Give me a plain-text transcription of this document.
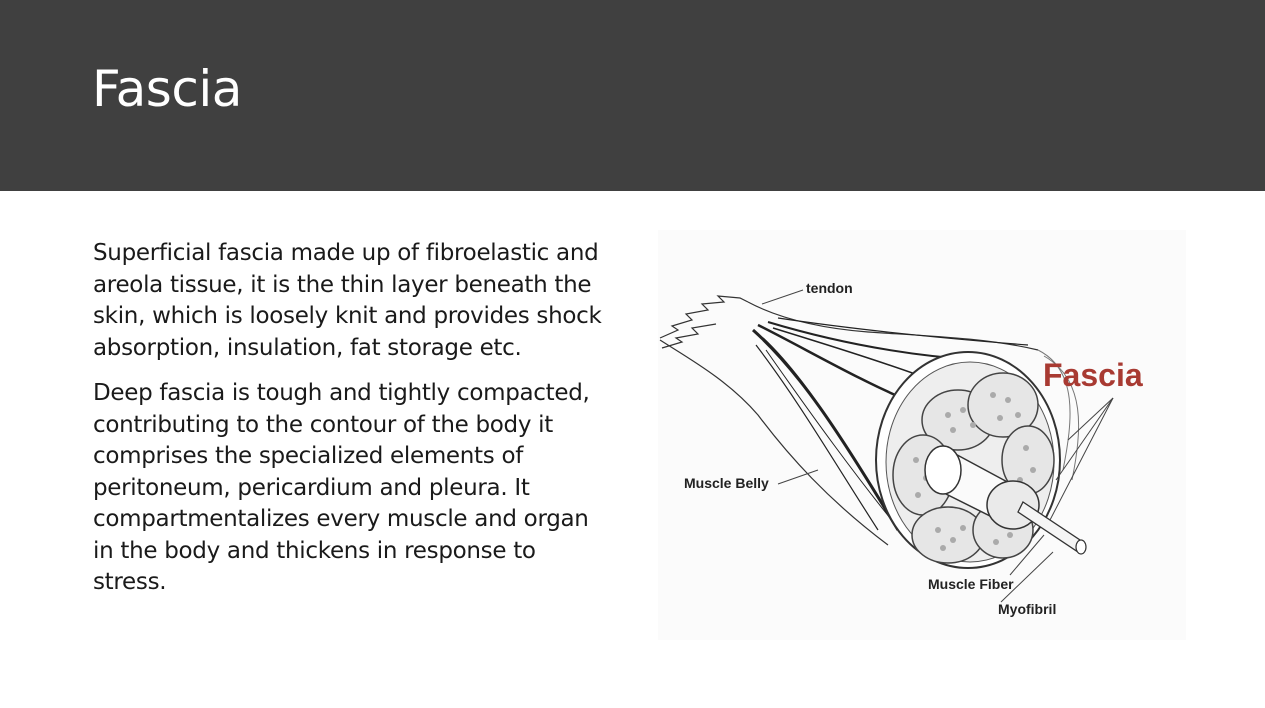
Fascia

Superficial fascia made up of fibroelastic and areola tissue, it is the thin layer beneath the skin, which is loosely knit and provides shock absorption, insulation, fat storage etc.

Deep fascia is tough and tightly compacted, contributing to the contour of the body it comprises the specialized elements of peritoneum, pericardium and pleura. It compartmentalizes every muscle and organ in the body and thickens in response to stress.

tendon
Fascia
Muscle Belly
Muscle Fiber
Myofibril
